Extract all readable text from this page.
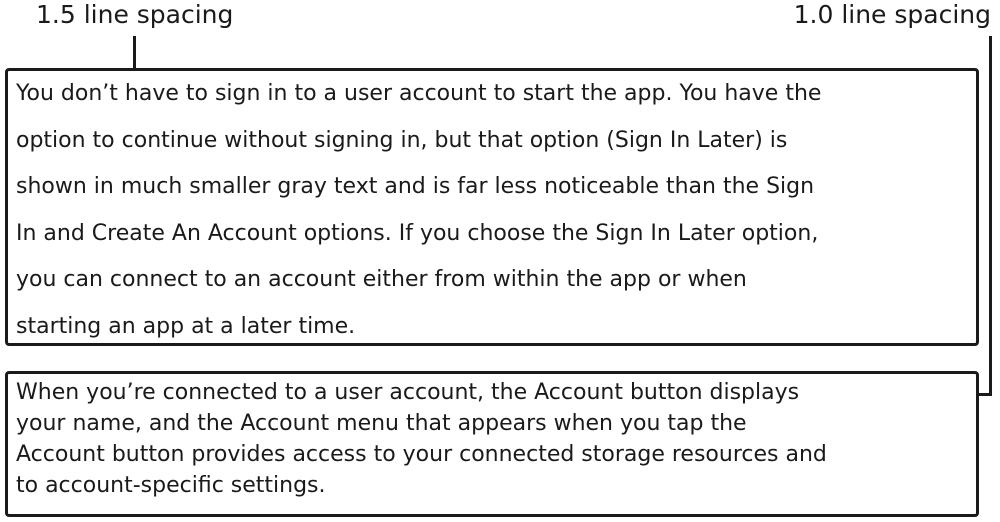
1.5 line spacing	1.0 line spacing
You don’t have to sign in to a user account to start the app. You have the
option to continue without signing in, but that option (Sign In Later) is
shown in much smaller gray text and is far less noticeable than the Sign
In and Create An Account options. If you choose the Sign In Later option,
you can connect to an account either from within the app or when
starting an app at a later time.
When you’re connected to a user account, the Account button displays
your name, and the Account menu that appears when you tap the
Account button provides access to your connected storage resources and
to account-specific settings.
